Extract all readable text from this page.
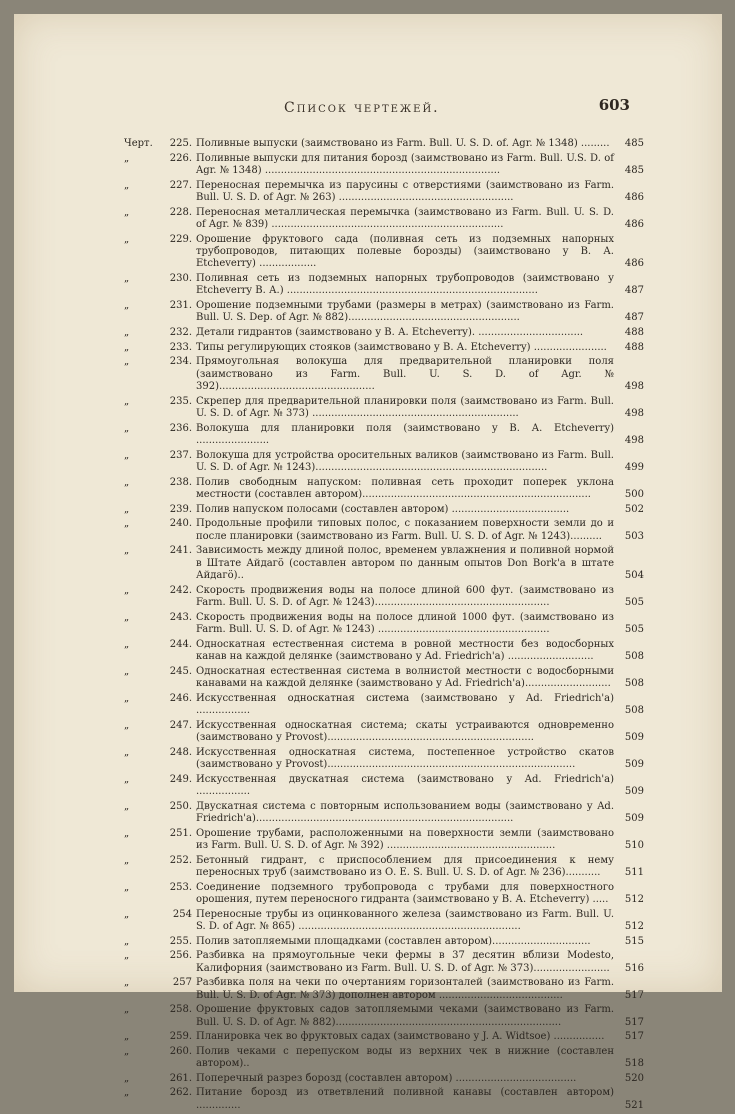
Список чертежей.	603
Черт.	225. Поливные выпуски (заимствовано из Farm. Bull. U. S. D. of. Agr. № 1348) .........	485
„	226. Поливные выпуски для питания борозд (заимствовано из Farm. Bull. U.S. D. of Agr. № 1348) ..........................................................................	485
„	227. Переносная перемычка из парусины с отверстиями (заимствовано из Farm. Bull. U. S. D. of Agr. № 263) .......................................................	486
„	228. Переносная металлическая перемычка (заимствовано из Farm. Bull. U. S. D. of Agr. № 839) .........................................................................	486
„	229. Орошение фруктового сада (поливная сеть из подземных напорных трубопроводов, питающих полевые борозды) (заимствовано у В. А. Etcheverry) ..................	486
„	230. Поливная сеть из подземных напорных трубопроводов (заимствовано у Etcheverry В. А.) ...............................................................................	487
„	231. Орошение подземными трубами (размеры в метрах) (заимствовано из Farm. Bull. U. S. Dep. of Agr. № 882)......................................................	487
„	232. Детали гидрантов (заимствовано у В. А. Etcheverry). .................................	488
„	233. Типы регулирующих стояков (заимствовано у В. А. Etcheverry) .......................	488
„	234. Прямоугольная волокуша для предварительной планировки поля (заимствовано из Farm. Bull. U. S. D. of Agr. № 392).................................................	498
„	235. Скрепер для предварительной планировки поля (заимствовано из Farm. Bull. U. S. D. of Agr. № 373) .................................................................	498
„	236. Волокуша для планировки поля (заимствовано у В. А. Etcheverry) .......................	498
„	237. Волокуша для устройства оросительных валиков (заимствовано из Farm. Bull. U. S. D. of Agr. № 1243).........................................................................	499
„	238. Полив свободным напуском: поливная сеть проходит поперек уклона местности (составлен автором)........................................................................	500
„	239. Полив напуском полосами (составлен автором) .....................................	502
„	240. Продольные профили типовых полос, с показанием поверхности земли до и после планировки (заимствовано из Farm. Bull. U. S. D. of Agr. № 1243)..........	503
„	241. Зависимость между длиной полос, временем увлажнения и поливной нормой в Штате Айдагӧ (составлен автором по данным опытов Don Bork'а в штате Айдагӧ)..	504
„	242. Скорость продвижения воды на полосе длиной 600 фут. (заимствовано из Farm. Bull. U. S. D. of Agr. № 1243).......................................................	505
„	243. Скорость продвижения воды на полосе длиной 1000 фут. (заимствовано из Farm. Bull. U. S. D. of Agr. № 1243) ......................................................	505
„	244. Односкатная естественная система в ровной местности без водосборных канав на каждой делянке (заимствовано у Ad. Friedrich'а) ...........................	508
„	245. Односкатная естественная система в волнистой местности с водосборными канавами на каждой делянке (заимствовано у Ad. Friedrich'а)...........................	508
„	246. Искусственная односкатная система (заимствовано у Ad. Friedrich'а) .................	508
„	247. Искусственная односкатная система; скаты устраиваются одновременно (заимствовано у Provost).................................................................	509
„	248. Искусственная односкатная система, постепенное устройство скатов (заимствовано у Provost)..............................................................................	509
„	249. Искусственная двускатная система (заимствовано у Ad. Friedrich'а) .................	509
„	250. Двускатная система с повторным использованием воды (заимствовано у Ad. Friedrich'а).................................................................................	509
„	251. Орошение трубами, расположенными на поверхности земли (заимствовано из Farm. Bull. U. S. D. of Agr. № 392) .....................................................	510
„	252. Бетонный гидрант, с приспособлением для присоединения к нему переносных труб (заимствовано из О. Е. S. Bull. U. S. D. of Agr. № 236)...........	511
„	253. Соединение подземного трубопровода с трубами для поверхностного орошения, путем переносного гидранта (заимствовано у В. А. Etcheverry) .....	512
„	254 Переносные трубы из оцинкованного железа (заимствовано из Farm. Bull. U. S. D. of Agr. № 865) ......................................................................	512
„	255. Полив затопляемыми площадками (составлен автором)...............................	515
„	256. Разбивка на прямоугольные чеки фермы в 37 десятин вблизи Modesto, Калифорния (заимствовано из Farm. Bull. U. S. D. of Agr. № 373)........................	516
„	257 Разбивка поля на чеки по очертаниям горизонталей (заимствовано из Farm. Bull. U. S. D. of Agr. № 373) дополнен автором .......................................	517
„	258. Орошение фруктовых садов затопляемыми чеками (заимствовано из Farm. Bull. U. S. D. of Agr. № 882).......................................................................	517
„	259. Планировка чек во фруктовых садах (заимствовано у J. A. Widtsoe) ................	517
„	260. Полив чеками с перепуском воды из верхних чек в нижние (составлен автором)..	518
„	261. Поперечный разрез борозд (составлен автором) ......................................	520
„	262. Питание борозд из ответвлений поливной канавы (составлен автором) ..............	521
